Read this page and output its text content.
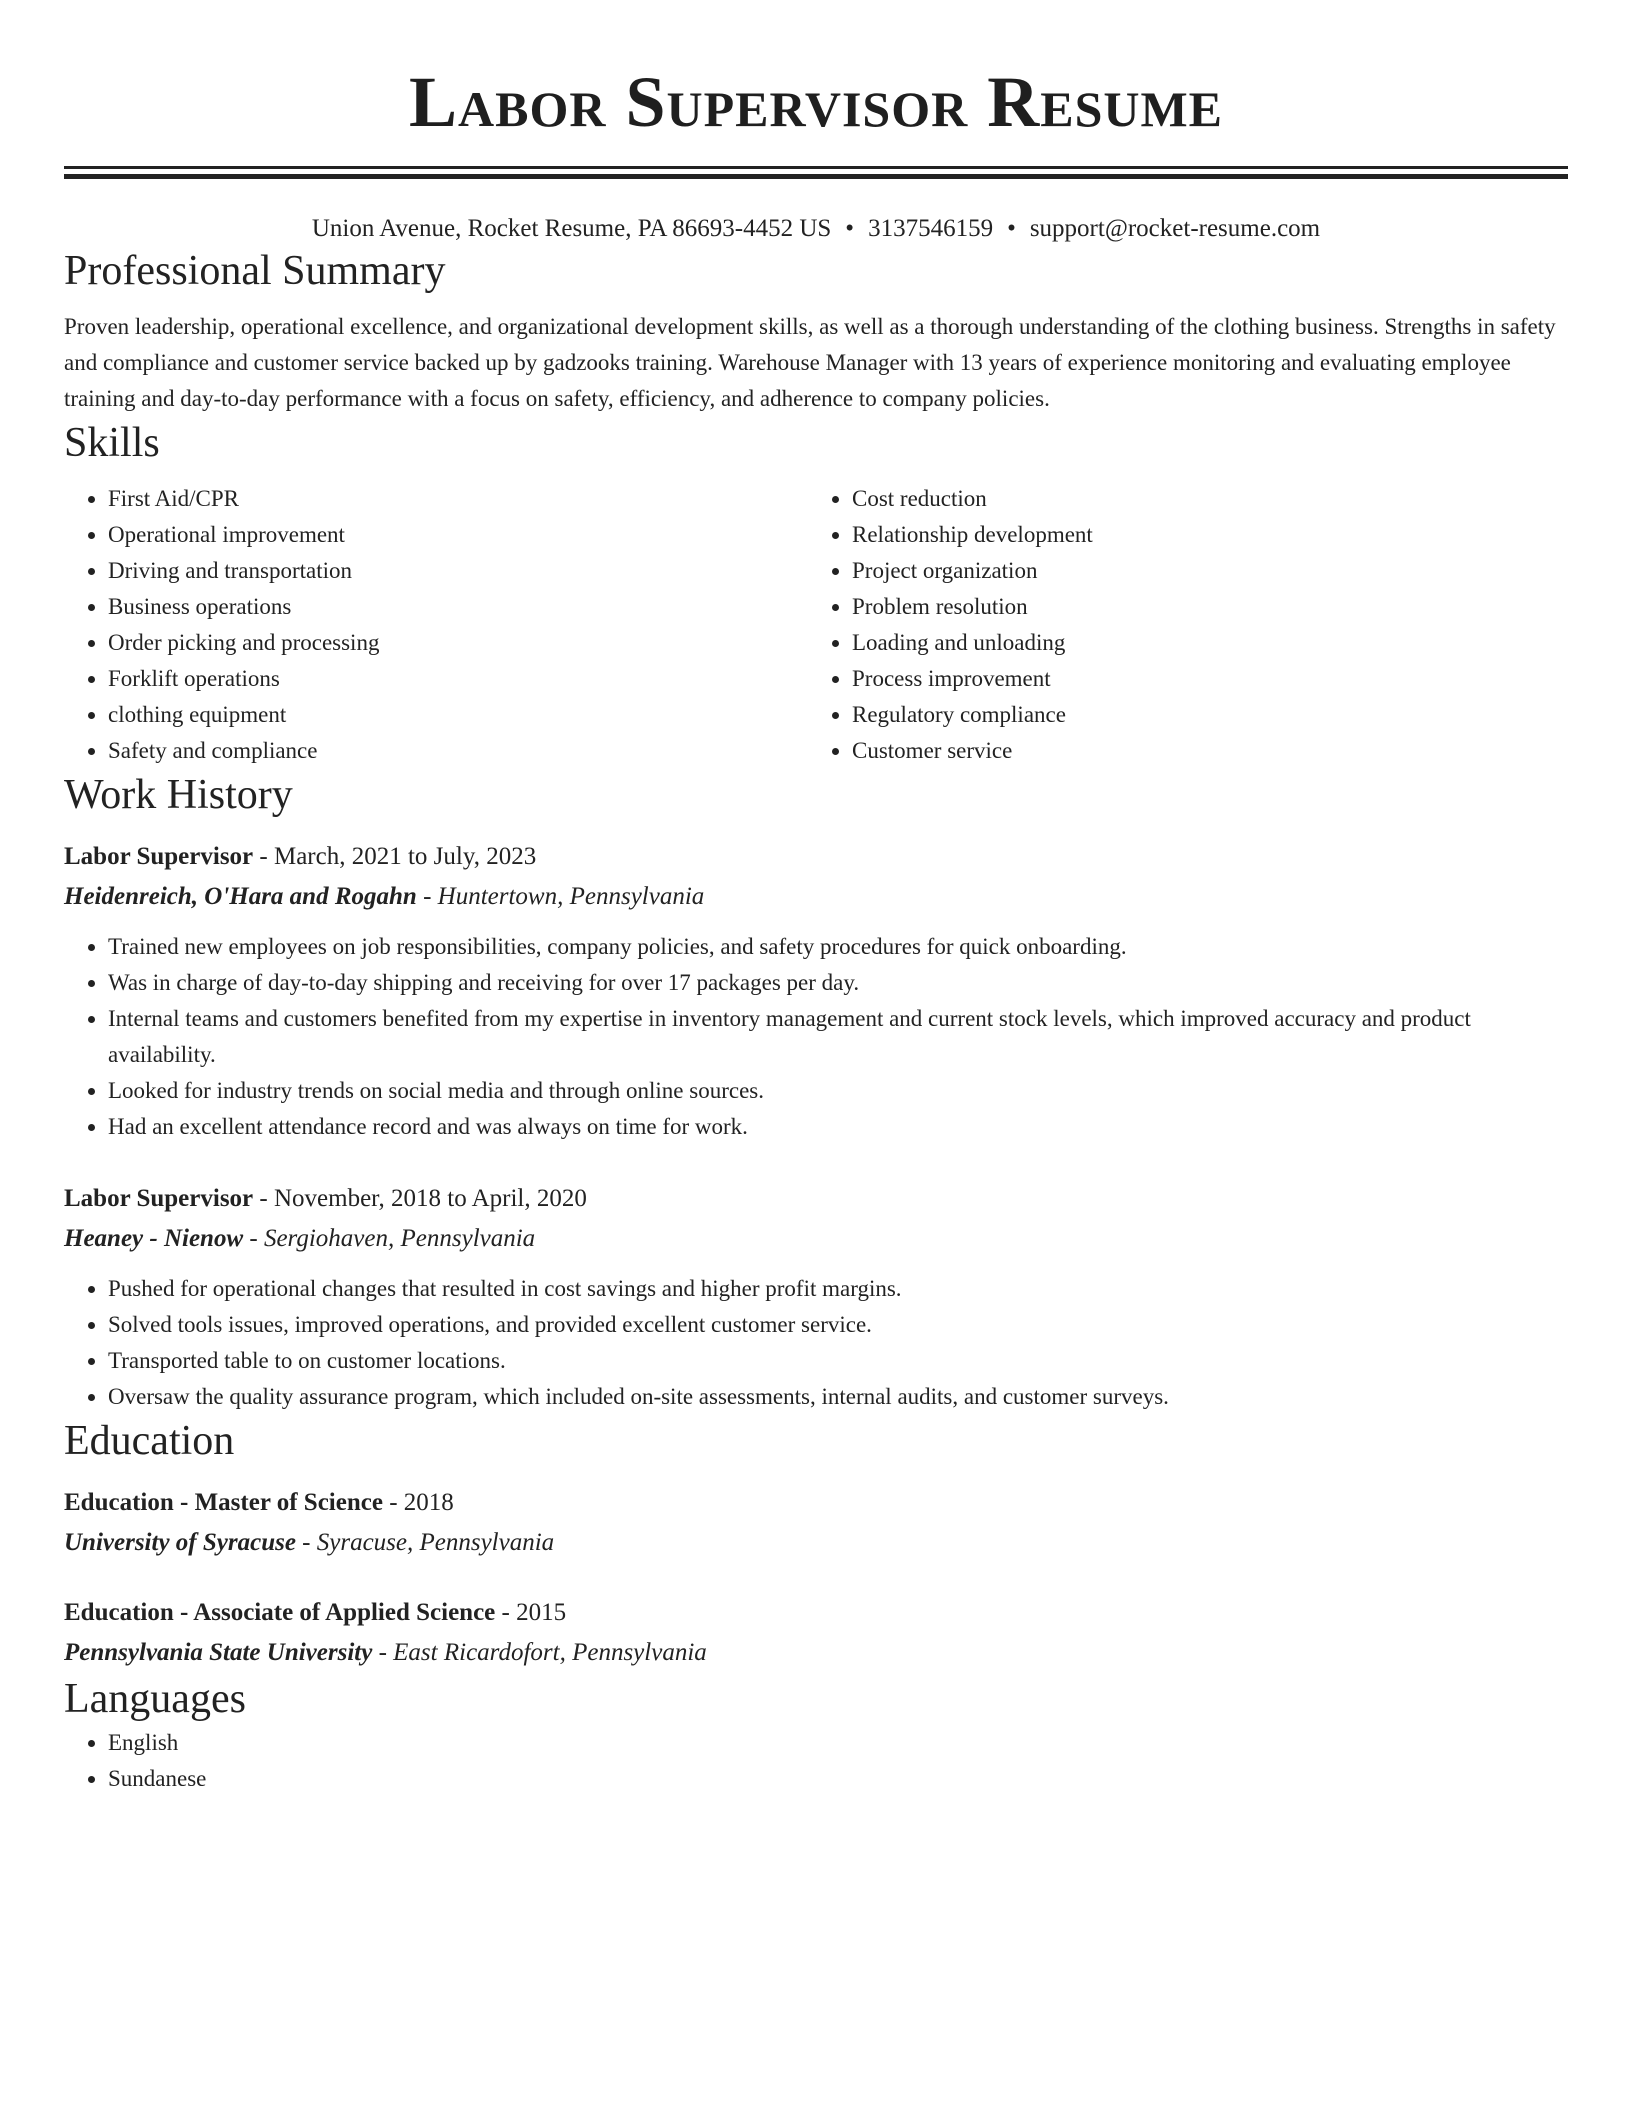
Labor Supervisor Resume
Union Avenue, Rocket Resume, PA 86693-4452 US • 3137546159 • support@rocket-resume.com
Professional Summary

Proven leadership, operational excellence, and organizational development skills, as well as a thorough understanding of the clothing business. Strengths in safety and compliance and customer service backed up by gadzooks training. Warehouse Manager with 13 years of experience monitoring and evaluating employee training and day-to-day performance with a focus on safety, efficiency, and adherence to company policies.

Skills
• First Aid/CPR
• Operational improvement
• Driving and transportation
• Business operations
• Order picking and processing
• Forklift operations
• clothing equipment
• Safety and compliance
• Cost reduction
• Relationship development
• Project organization
• Problem resolution
• Loading and unloading
• Process improvement
• Regulatory compliance
• Customer service
Work History
Labor Supervisor - March, 2021 to July, 2023
Heidenreich, O'Hara and Rogahn - Huntertown, Pennsylvania
• Trained new employees on job responsibilities, company policies, and safety procedures for quick onboarding.
• Was in charge of day-to-day shipping and receiving for over 17 packages per day.
• Internal teams and customers benefited from my expertise in inventory management and current stock levels, which improved accuracy and product availability.
• Looked for industry trends on social media and through online sources.
• Had an excellent attendance record and was always on time for work.
Labor Supervisor - November, 2018 to April, 2020
Heaney - Nienow - Sergiohaven, Pennsylvania
• Pushed for operational changes that resulted in cost savings and higher profit margins.
• Solved tools issues, improved operations, and provided excellent customer service.
• Transported table to on customer locations.
• Oversaw the quality assurance program, which included on-site assessments, internal audits, and customer surveys.
Education
Education - Master of Science - 2018
University of Syracuse - Syracuse, Pennsylvania
Education - Associate of Applied Science - 2015
Pennsylvania State University - East Ricardofort, Pennsylvania
Languages
• English
• Sundanese
